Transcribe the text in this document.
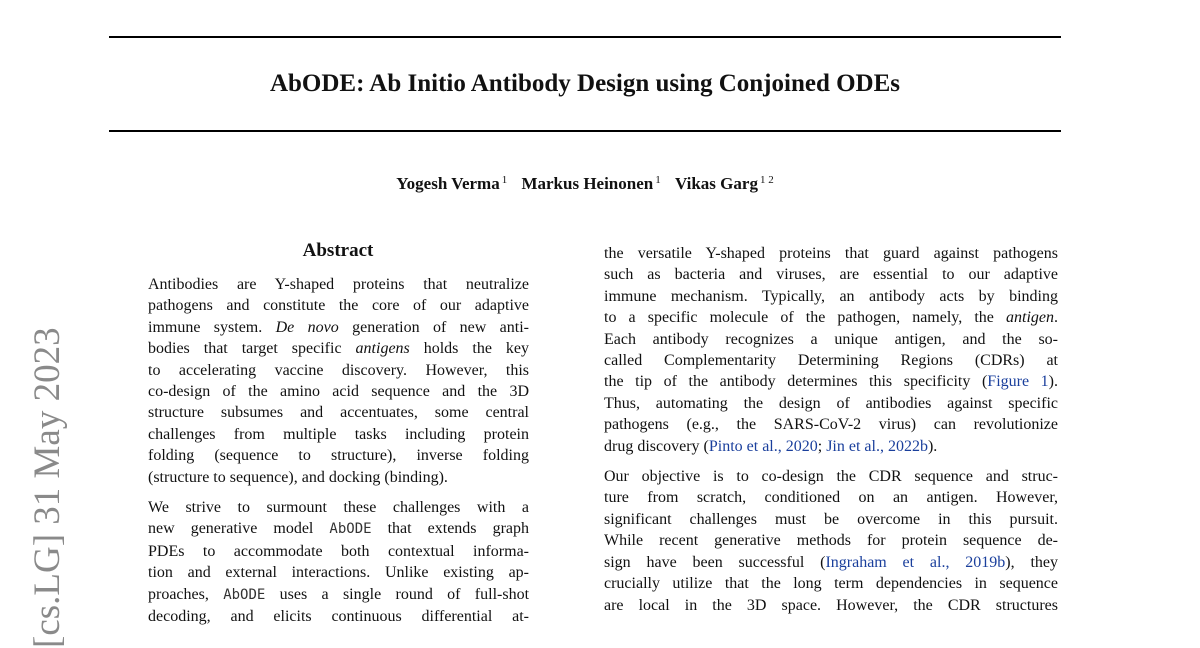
AbODE: Ab Initio Antibody Design using Conjoined ODEs
Yogesh Verma $^1$ Markus Heinonen $^1$ Vikas Garg $^{1 2}$
[cs.LG] 31 May 2023
Abstract

Antibodies are Y-shaped proteins that neutralize
pathogens and constitute the core of our adaptive
immune system. De novo generation of new anti-
bodies that target specific antigens holds the key
to accelerating vaccine discovery. However, this
co-design of the amino acid sequence and the 3D
structure subsumes and accentuates, some central
challenges from multiple tasks including protein
folding (sequence to structure), inverse folding
(structure to sequence), and docking (binding).

We strive to surmount these challenges with a
new generative model AbODE that extends graph
PDEs to accommodate both contextual informa-
tion and external interactions. Unlike existing ap-
proaches, AbODE uses a single round of full-shot
decoding, and elicits continuous differential at-

the versatile Y-shaped proteins that guard against pathogens
such as bacteria and viruses, are essential to our adaptive
immune mechanism. Typically, an antibody acts by binding
to a specific molecule of the pathogen, namely, the antigen.
Each antibody recognizes a unique antigen, and the so-
called Complementarity Determining Regions (CDRs) at
the tip of the antibody determines this specificity (Figure 1).
Thus, automating the design of antibodies against specific
pathogens (e.g., the SARS-CoV-2 virus) can revolutionize
drug discovery (Pinto et al., 2020; Jin et al., 2022b).

Our objective is to co-design the CDR sequence and struc-
ture from scratch, conditioned on an antigen. However,
significant challenges must be overcome in this pursuit.
While recent generative methods for protein sequence de-
sign have been successful (Ingraham et al., 2019b), they
crucially utilize that the long term dependencies in sequence
are local in the 3D space. However, the CDR structures
